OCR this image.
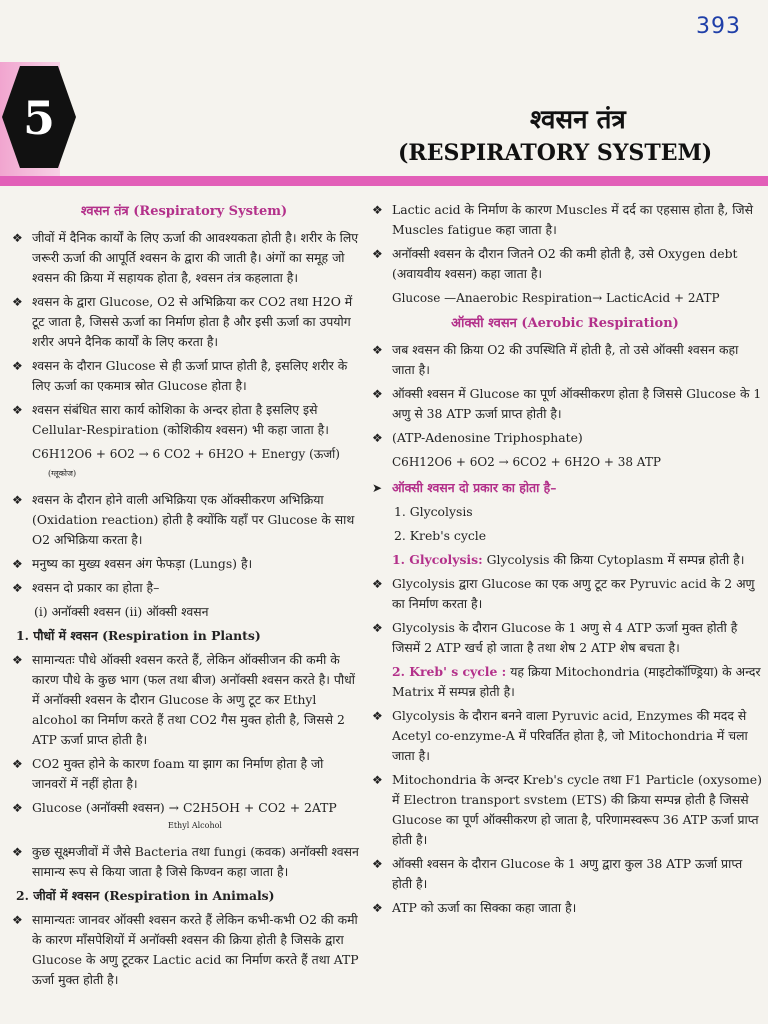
393
5	श्वसन तंत्र
(RESPIRATORY SYSTEM)
श्वसन तंत्र (Respiratory System)
❖ जीवों में दैनिक कार्यों के लिए ऊर्जा की आवश्यकता होती है। शरीर के लिए जरूरी ऊर्जा की आपूर्ति श्वसन के द्वारा की जाती है। अंगों का समूह जो श्वसन की क्रिया में सहायक होता है, श्वसन तंत्र कहलाता है।
❖ श्वसन के द्वारा Glucose, O2 से अभिक्रिया कर CO2 तथा H2O में टूट जाता है, जिससे ऊर्जा का निर्माण होता है और इसी ऊर्जा का उपयोग शरीर अपने दैनिक कार्यों के लिए करता है।
❖ श्वसन के दौरान Glucose से ही ऊर्जा प्राप्त होती है, इसलिए शरीर के लिए ऊर्जा का एकमात्र स्रोत Glucose होता है।
❖ श्वसन संबंधित सारा कार्य कोशिका के अन्दर होता है इसलिए इसे Cellular-Respiration (कोशिकीय श्वसन) भी कहा जाता है।
C6H12O6 + 6O2 → 6 CO2 + 6H2O + Energy (ऊर्जा)
(ग्लूकोज)
❖ श्वसन के दौरान होने वाली अभिक्रिया एक ऑक्सीकरण अभिक्रिया (Oxidation reaction) होती है क्योंकि यहाँ पर Glucose के साथ O2 अभिक्रिया करता है।
❖ मनुष्य का मुख्य श्वसन अंग फेफड़ा (Lungs) है।
❖ श्वसन दो प्रकार का होता है–
(i) अनॉक्सी श्वसन (ii) ऑक्सी श्वसन
1. पौधों में श्वसन (Respiration in Plants)
❖ सामान्यतः पौधे ऑक्सी श्वसन करते हैं, लेकिन ऑक्सीजन की कमी के कारण पौधे के कुछ भाग (फल तथा बीज) अनॉक्सी श्वसन करते है। पौधों में अनॉक्सी श्वसन के दौरान Glucose के अणु टूट कर Ethyl alcohol का निर्माण करते हैं तथा CO2 गैस मुक्त होती है, जिससे 2 ATP ऊर्जा प्राप्त होती है।
❖ CO2 मुक्त होने के कारण foam या झाग का निर्माण होता है जो जानवरों में नहीं होता है।
❖ Glucose (अनॉक्सी श्वसन) → C2H5OH + CO2 + 2ATP
Ethyl Alcohol
❖ कुछ सूक्ष्मजीवों में जैसे Bacteria तथा fungi (कवक) अनॉक्सी श्वसन सामान्य रूप से किया जाता है जिसे किण्वन कहा जाता है।
2. जीवों में श्वसन (Respiration in Animals)
❖ सामान्यतः जानवर ऑक्सी श्वसन करते हैं लेकिन कभी-कभी O2 की कमी के कारण माँसपेशियों में अनॉक्सी श्वसन की क्रिया होती है जिसके द्वारा Glucose के अणु टूटकर Lactic acid का निर्माण करते हैं तथा ATP ऊर्जा मुक्त होती है।
❖ Lactic acid के निर्माण के कारण Muscles में दर्द का एहसास होता है, जिसे Muscles fatigue कहा जाता है।
❖ अनॉक्सी श्वसन के दौरान जितने O2 की कमी होती है, उसे Oxygen debt (अवायवीय श्वसन) कहा जाता है।
Glucose —Anaerobic Respiration→ LacticAcid + 2ATP
ऑक्सी श्वसन (Aerobic Respiration)
❖ जब श्वसन की क्रिया O2 की उपस्थिति में होती है, तो उसे ऑक्सी श्वसन कहा जाता है।
❖ ऑक्सी श्वसन में Glucose का पूर्ण ऑक्सीकरण होता है जिससे Glucose के 1 अणु से 38 ATP ऊर्जा प्राप्त होती है।
❖ (ATP-Adenosine Triphosphate)
C6H12O6 + 6O2 → 6CO2 + 6H2O + 38 ATP
➤ ऑक्सी श्वसन दो प्रकार का होता है–
1. Glycolysis
2. Kreb's cycle
1. Glycolysis: Glycolysis की क्रिया Cytoplasm में सम्पन्न होती है।
❖ Glycolysis द्वारा Glucose का एक अणु टूट कर Pyruvic acid के 2 अणु का निर्माण करता है।
❖ Glycolysis के दौरान Glucose के 1 अणु से 4 ATP ऊर्जा मुक्त होती है जिसमें 2 ATP खर्च हो जाता है तथा शेष 2 ATP शेष बचता है।
2. Kreb' s cycle : यह क्रिया Mitochondria (माइटोकॉण्ड्रिया) के अन्दर Matrix में सम्पन्न होती है।
❖ Glycolysis के दौरान बनने वाला Pyruvic acid, Enzymes की मदद से Acetyl co-enzyme-A में परिवर्तित होता है, जो Mitochondria में चला जाता है।
❖ Mitochondria के अन्दर Kreb's cycle तथा F1 Particle (oxysome) में Electron transport svstem (ETS) की क्रिया सम्पन्न होती है जिससे Glucose का पूर्ण ऑक्सीकरण हो जाता है, परिणामस्वरूप 36 ATP ऊर्जा प्राप्त होती है।
❖ ऑक्सी श्वसन के दौरान Glucose के 1 अणु द्वारा कुल 38 ATP ऊर्जा प्राप्त होती है।
❖ ATP को ऊर्जा का सिक्का कहा जाता है।
